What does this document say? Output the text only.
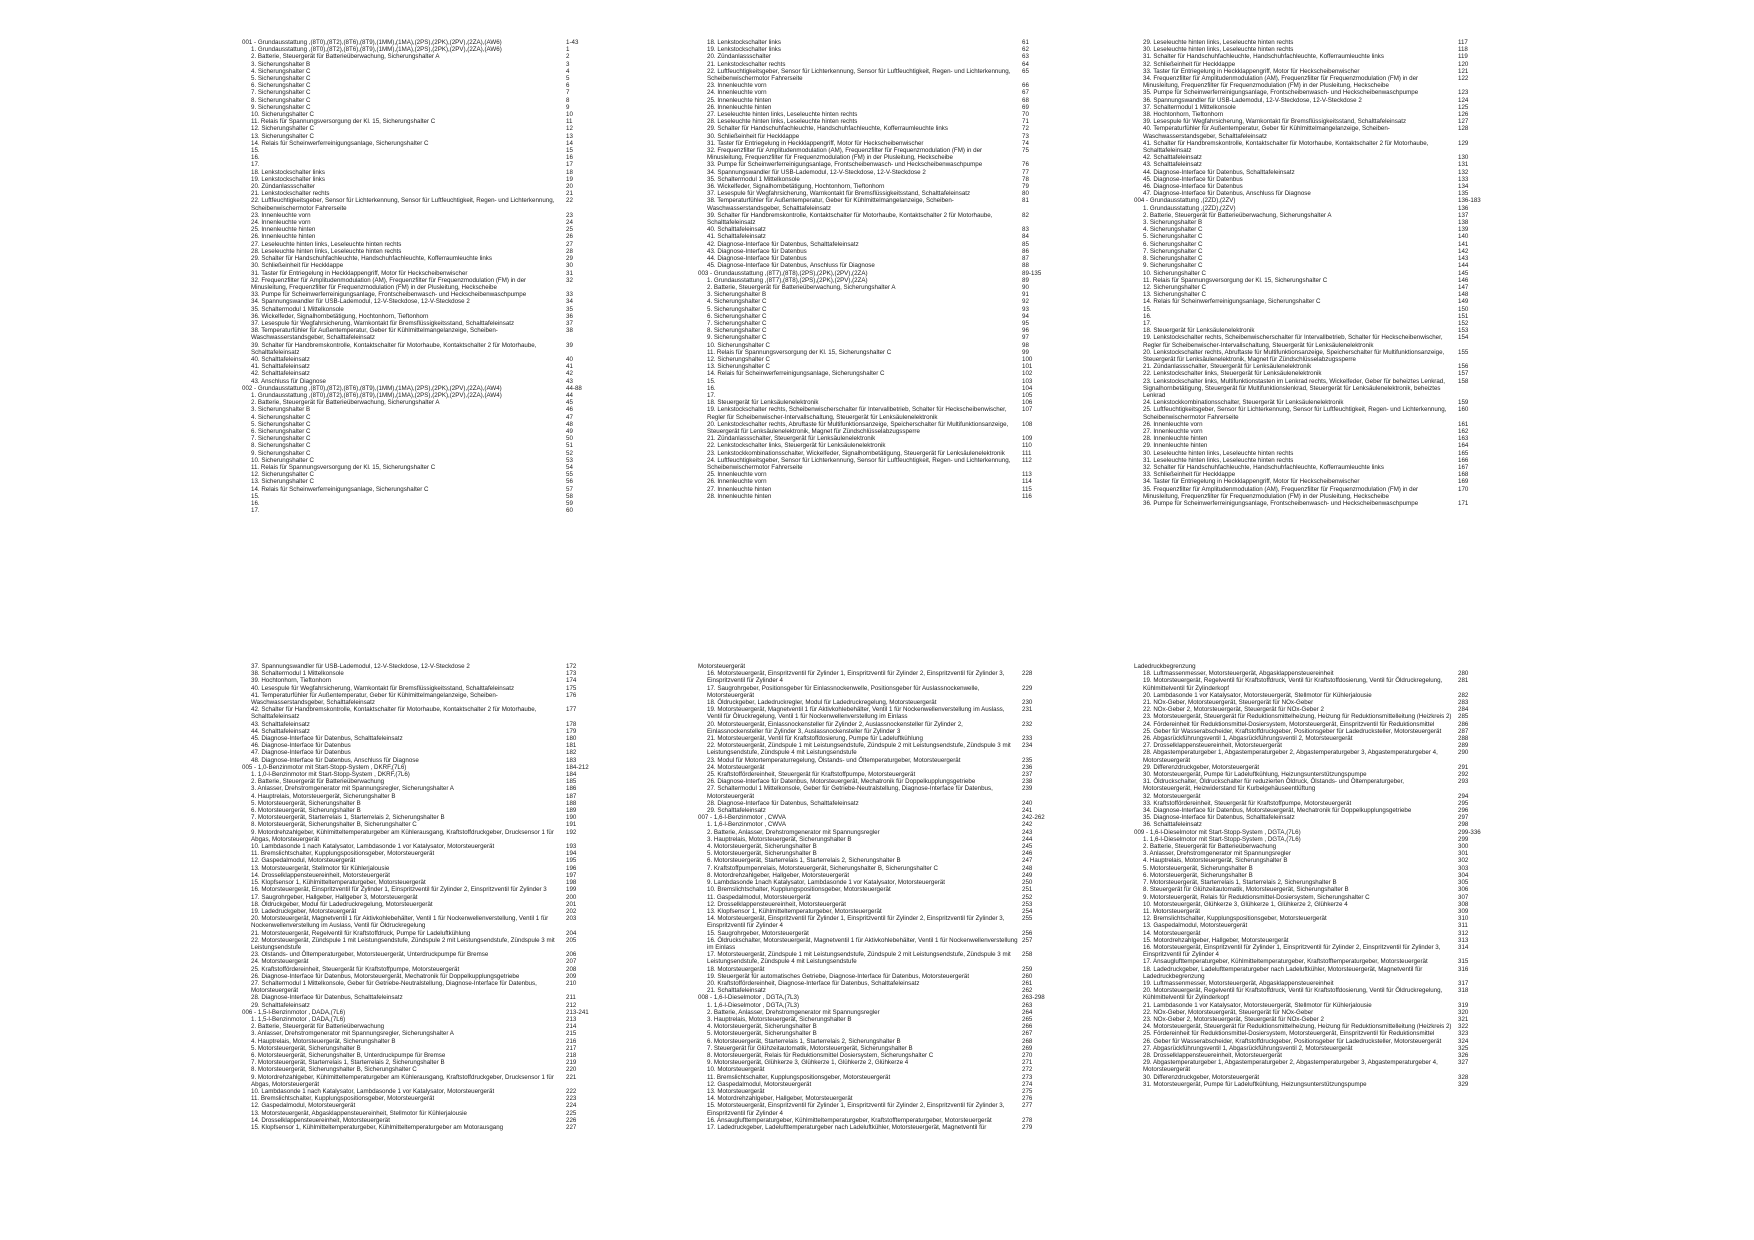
001 - Grundausstattung ,(8T0),(8T2),(8T6),(8T9),(1MM),(1MA),(2PS),(2PK),(2PV),(2ZA),(AW6)	1-43
1. Grundausstattung ,(8T0),(8T2),(8T6),(8T9),(1MM),(1MA),(2PS),(2PK),(2PV),(2ZA),(AW6)	1
2. Batterie, Steuergerät für Batterieüberwachung, Sicherungshalter A	2
3. Sicherungshalter B	3
4. Sicherungshalter C	4
5. Sicherungshalter C	5
6. Sicherungshalter C	6
7. Sicherungshalter C	7
8. Sicherungshalter C	8
9. Sicherungshalter C	9
10. Sicherungshalter C	10
11. Relais für Spannungsversorgung der Kl. 15, Sicherungshalter C	11
12. Sicherungshalter C	12
13. Sicherungshalter C	13
14. Relais für Scheinwerferreinigungsanlage, Sicherungshalter C	14
15.	15
16.	16
17.	17
18. Lenkstockschalter links	18
19. Lenkstockschalter links	19
20. Zündanlassschalter	20
21. Lenkstockschalter rechts	21
22. Luftfeuchtigkeitsgeber, Sensor für Lichterkennung, Sensor für Luftfeuchtigkeit, Regen- und Lichterkennung, Scheibenwischermotor Fahrerseite
22
23. Innenleuchte vorn	23
24. Innenleuchte vorn	24
25. Innenleuchte hinten	25
26. Innenleuchte hinten	26
27. Leseleuchte hinten links, Leseleuchte hinten rechts	27
28. Leseleuchte hinten links, Leseleuchte hinten rechts	28
29. Schalter für Handschuhfachleuchte, Handschuhfachleuchte, Kofferraumleuchte links	29
30. Schließeinheit für Heckklappe	30
31. Taster für Entriegelung in Heckklappengriff, Motor für Heckscheibenwischer	31
32. Frequenzfilter für Amplitudenmodulation (AM), Frequenzfilter für Frequenzmodulation (FM) in der Minusleitung, Frequenzfilter für Frequenzmodulation (FM) in der Plusleitung, Heckscheibe
32
33. Pumpe für Scheinwerferreinigungsanlage, Frontscheibenwasch- und Heckscheibenwaschpumpe	33
34. Spannungswandler für USB-Lademodul, 12-V-Steckdose, 12-V-Steckdose 2	34
35. Schaltermodul 1 Mittelkonsole	35
36. Wickelfeder, Signalhornbetätigung, Hochtonhorn, Tieftonhorn	36
37. Lesespule für Wegfahrsicherung, Warnkontakt für Bremsflüssigkeitsstand, Schalttafeleinsatz	37
38. Temperaturfühler für Außentemperatur, Geber für Kühlmittelmangelanzeige, Scheiben-Waschwasserstandsgeber, Schalttafeleinsatz
38
39. Schalter für Handbremskontrolle, Kontaktschalter für Motorhaube, Kontaktschalter 2 für Motorhaube, Schalttafeleinsatz
39
40. Schalttafeleinsatz	40
41. Schalttafeleinsatz	41
42. Schalttafeleinsatz	42
43. Anschluss für Diagnose	43
002 - Grundausstattung ,(8T0),(8T2),(8T6),(8T9),(1MM),(1MA),(2PS),(2PK),(2PV),(2ZA),(AW4)	44-88
1. Grundausstattung ,(8T0),(8T2),(8T6),(8T9),(1MM),(1MA),(2PS),(2PK),(2PV),(2ZA),(AW4)	44
2. Batterie, Steuergerät für Batterieüberwachung, Sicherungshalter A	45
3. Sicherungshalter B	46
4. Sicherungshalter C	47
5. Sicherungshalter C	48
6. Sicherungshalter C	49
7. Sicherungshalter C	50
8. Sicherungshalter C	51
9. Sicherungshalter C	52
10. Sicherungshalter C	53
11. Relais für Spannungsversorgung der Kl. 15, Sicherungshalter C	54
12. Sicherungshalter C	55
13. Sicherungshalter C	56
14. Relais für Scheinwerferreinigungsanlage, Sicherungshalter C	57
15.	58
16.	59
17.	60
18. Lenkstockschalter links	61
19. Lenkstockschalter links	62
20. Zündanlassschalter	63
21. Lenkstockschalter rechts	64
22. Luftfeuchtigkeitsgeber, Sensor für Lichterkennung, Sensor für Luftfeuchtigkeit, Regen- und Lichterkennung, Scheibenwischermotor Fahrerseite
65
23. Innenleuchte vorn	66
24. Innenleuchte vorn	67
25. Innenleuchte hinten	68
26. Innenleuchte hinten	69
27. Leseleuchte hinten links, Leseleuchte hinten rechts	70
28. Leseleuchte hinten links, Leseleuchte hinten rechts	71
29. Schalter für Handschuhfachleuchte, Handschuhfachleuchte, Kofferraumleuchte links	72
30. Schließeinheit für Heckklappe	73
31. Taster für Entriegelung in Heckklappengriff, Motor für Heckscheibenwischer	74
32. Frequenzfilter für Amplitudenmodulation (AM), Frequenzfilter für Frequenzmodulation (FM) in der Minusleitung, Frequenzfilter für Frequenzmodulation (FM) in der Plusleitung, Heckscheibe
75
33. Pumpe für Scheinwerferreinigungsanlage, Frontscheibenwasch- und Heckscheibenwaschpumpe	76
34. Spannungswandler für USB-Lademodul, 12-V-Steckdose, 12-V-Steckdose 2	77
35. Schaltermodul 1 Mittelkonsole	78
36. Wickelfeder, Signalhornbetätigung, Hochtonhorn, Tieftonhorn	79
37. Lesespule für Wegfahrsicherung, Warnkontakt für Bremsflüssigkeitsstand, Schalttafeleinsatz	80
38. Temperaturfühler für Außentemperatur, Geber für Kühlmittelmangelanzeige, Scheiben-Waschwasserstandsgeber, Schalttafeleinsatz
81
39. Schalter für Handbremskontrolle, Kontaktschalter für Motorhaube, Kontaktschalter 2 für Motorhaube, Schalttafeleinsatz
82
40. Schalttafeleinsatz	83
41. Schalttafeleinsatz	84
42. Diagnose-Interface für Datenbus, Schalttafeleinsatz	85
43. Diagnose-Interface für Datenbus	86
44. Diagnose-Interface für Datenbus	87
45. Diagnose-Interface für Datenbus, Anschluss für Diagnose	88
003 - Grundausstattung ,(8T7),(8T8),(2PS),(2PK),(2PV),(2ZA)	89-135
1. Grundausstattung ,(8T7),(8T8),(2PS),(2PK),(2PV),(2ZA)	89
2. Batterie, Steuergerät für Batterieüberwachung, Sicherungshalter A	90
3. Sicherungshalter B	91
4. Sicherungshalter C	92
5. Sicherungshalter C	93
6. Sicherungshalter C	94
7. Sicherungshalter C	95
8. Sicherungshalter C	96
9. Sicherungshalter C	97
10. Sicherungshalter C	98
11. Relais für Spannungsversorgung der Kl. 15, Sicherungshalter C	99
12. Sicherungshalter C	100
13. Sicherungshalter C	101
14. Relais für Scheinwerferreinigungsanlage, Sicherungshalter C	102
15.	103
16.	104
17.	105
18. Steuergerät für Lenksäulenelektronik	106
19. Lenkstockschalter rechts, Scheibenwischerschalter für Intervallbetrieb, Schalter für Heckscheibenwischer, Regler für Scheibenwischer-Intervallschaltung, Steuergerät für Lenksäulenelektronik
107
20. Lenkstockschalter rechts, Abruftaste für Multifunktionsanzeige, Speicherschalter für Multifunktionsanzeige, Steuergerät für Lenksäulenelektronik, Magnet für Zündschlüsselabzugssperre
108
21. Zündanlassschalter, Steuergerät für Lenksäulenelektronik	109
22. Lenkstockschalter links, Steuergerät für Lenksäulenelektronik	110
23. Lenkstockkombinationsschalter, Wickelfeder, Signalhornbetätigung, Steuergerät für Lenksäulenelektronik	111
24. Luftfeuchtigkeitsgeber, Sensor für Lichterkennung, Sensor für Luftfeuchtigkeit, Regen- und Lichterkennung, Scheibenwischermotor Fahrerseite
112
25. Innenleuchte vorn	113
26. Innenleuchte vorn	114
27. Innenleuchte hinten	115
28. Innenleuchte hinten	116
29. Leseleuchte hinten links, Leseleuchte hinten rechts	117
30. Leseleuchte hinten links, Leseleuchte hinten rechts	118
31. Schalter für Handschuhfachleuchte, Handschuhfachleuchte, Kofferraumleuchte links	119
32. Schließeinheit für Heckklappe	120
33. Taster für Entriegelung in Heckklappengriff, Motor für Heckscheibenwischer	121
34. Frequenzfilter für Amplitudenmodulation (AM), Frequenzfilter für Frequenzmodulation (FM) in der Minusleitung, Frequenzfilter für Frequenzmodulation (FM) in der Plusleitung, Heckscheibe
122
35. Pumpe für Scheinwerferreinigungsanlage, Frontscheibenwasch- und Heckscheibenwaschpumpe	123
36. Spannungswandler für USB-Lademodul, 12-V-Steckdose, 12-V-Steckdose 2	124
37. Schaltermodul 1 Mittelkonsole	125
38. Hochtonhorn, Tieftonhorn	126
39. Lesespule für Wegfahrsicherung, Warnkontakt für Bremsflüssigkeitsstand, Schalttafeleinsatz	127
40. Temperaturfühler für Außentemperatur, Geber für Kühlmittelmangelanzeige, Scheiben-Waschwasserstandsgeber, Schalttafeleinsatz
128
41. Schalter für Handbremskontrolle, Kontaktschalter für Motorhaube, Kontaktschalter 2 für Motorhaube, Schalttafeleinsatz
129
42. Schalttafeleinsatz	130
43. Schalttafeleinsatz	131
44. Diagnose-Interface für Datenbus, Schalttafeleinsatz	132
45. Diagnose-Interface für Datenbus	133
46. Diagnose-Interface für Datenbus	134
47. Diagnose-Interface für Datenbus, Anschluss für Diagnose	135
004 - Grundausstattung ,(2ZD),(2ZV)	136-183
1. Grundausstattung ,(2ZD),(2ZV)	136
2. Batterie, Steuergerät für Batterieüberwachung, Sicherungshalter A	137
3. Sicherungshalter B	138
4. Sicherungshalter C	139
5. Sicherungshalter C	140
6. Sicherungshalter C	141
7. Sicherungshalter C	142
8. Sicherungshalter C	143
9. Sicherungshalter C	144
10. Sicherungshalter C	145
11. Relais für Spannungsversorgung der Kl. 15, Sicherungshalter C	146
12. Sicherungshalter C	147
13. Sicherungshalter C	148
14. Relais für Scheinwerferreinigungsanlage, Sicherungshalter C	149
15.	150
16.	151
17.	152
18. Steuergerät für Lenksäulenelektronik	153
19. Lenkstockschalter rechts, Scheibenwischerschalter für Intervallbetrieb, Schalter für Heckscheibenwischer, Regler für Scheibenwischer-Intervallschaltung, Steuergerät für Lenksäulenelektronik
154
20. Lenkstockschalter rechts, Abruftaste für Multifunktionsanzeige, Speicherschalter für Multifunktionsanzeige, Steuergerät für Lenksäulenelektronik, Magnet für Zündschlüsselabzugssperre
155
21. Zündanlassschalter, Steuergerät für Lenksäulenelektronik	156
22. Lenkstockschalter links, Steuergerät für Lenksäulenelektronik	157
23. Lenkstockschalter links, Multifunktionstasten im Lenkrad rechts, Wickelfeder, Geber für beheiztes Lenkrad, Signalhornbetätigung, Steuergerät für Multifunktionslenkrad, Steuergerät für Lenksäulenelektronik, beheiztes Lenkrad
158
24. Lenkstockkombinationsschalter, Steuergerät für Lenksäulenelektronik	159
25. Luftfeuchtigkeitsgeber, Sensor für Lichterkennung, Sensor für Luftfeuchtigkeit, Regen- und Lichterkennung, Scheibenwischermotor Fahrerseite
160
26. Innenleuchte vorn	161
27. Innenleuchte vorn	162
28. Innenleuchte hinten	163
29. Innenleuchte hinten	164
30. Leseleuchte hinten links, Leseleuchte hinten rechts	165
31. Leseleuchte hinten links, Leseleuchte hinten rechts	166
32. Schalter für Handschuhfachleuchte, Handschuhfachleuchte, Kofferraumleuchte links	167
33. Schließeinheit für Heckklappe	168
34. Taster für Entriegelung in Heckklappengriff, Motor für Heckscheibenwischer	169
35. Frequenzfilter für Amplitudenmodulation (AM), Frequenzfilter für Frequenzmodulation (FM) in der Minusleitung, Frequenzfilter für Frequenzmodulation (FM) in der Plusleitung, Heckscheibe
170
36. Pumpe für Scheinwerferreinigungsanlage, Frontscheibenwasch- und Heckscheibenwaschpumpe	171
37. Spannungswandler für USB-Lademodul, 12-V-Steckdose, 12-V-Steckdose 2	172
38. Schaltermodul 1 Mittelkonsole	173
39. Hochtonhorn, Tieftonhorn	174
40. Lesespule für Wegfahrsicherung, Warnkontakt für Bremsflüssigkeitsstand, Schalttafeleinsatz	175
41. Temperaturfühler für Außentemperatur, Geber für Kühlmittelmangelanzeige, Scheiben-Waschwasserstandsgeber, Schalttafeleinsatz
176
42. Schalter für Handbremskontrolle, Kontaktschalter für Motorhaube, Kontaktschalter 2 für Motorhaube, Schalttafeleinsatz
177
43. Schalttafeleinsatz	178
44. Schalttafeleinsatz	179
45. Diagnose-Interface für Datenbus, Schalttafeleinsatz	180
46. Diagnose-Interface für Datenbus	181
47. Diagnose-Interface für Datenbus	182
48. Diagnose-Interface für Datenbus, Anschluss für Diagnose	183
005 - 1,0-Benzinmotor mit Start-Stopp-System , DKRF,(7L6)	184-212
1. 1,0-l-Benzinmotor mit Start-Stopp-System , DKRF,(7L6)	184
2. Batterie, Steuergerät für Batterieüberwachung	185
3. Anlasser, Drehstromgenerator mit Spannungsregler, Sicherungshalter A	186
4. Hauptrelais, Motorsteuergerät, Sicherungshalter B	187
5. Motorsteuergerät, Sicherungshalter B	188
6. Motorsteuergerät, Sicherungshalter B	189
7. Motorsteuergerät, Starterrelais 1, Starterrelais 2, Sicherungshalter B	190
8. Motorsteuergerät, Sicherungshalter B, Sicherungshalter C	191
9. Motordrehzahlgeber, Kühlmitteltemperaturgeber am Kühlerausgang, Kraftstoffdruckgeber, Drucksensor 1 für Abgas, Motorsteuergerät
192
10. Lambdasonde 1 nach Katalysator, Lambdasonde 1 vor Katalysator, Motorsteuergerät	193
11. Bremslichtschalter, Kupplungspositionsgeber, Motorsteuergerät	194
12. Gaspedalmodul, Motorsteuergerät	195
13. Motorsteuergerät, Stellmotor für Kühlerjalousie	196
14. Drosselklappensteuereinheit, Motorsteuergerät	197
15. Klopfsensor 1, Kühlmitteltemperaturgeber, Motorsteuergerät	198
16. Motorsteuergerät, Einspritzventil für Zylinder 1, Einspritzventil für Zylinder 2, Einspritzventil für Zylinder 3	199
17. Saugrohrgeber, Hallgeber, Hallgeber 3, Motorsteuergerät	200
18. Öldruckgeber, Modul für Ladedruckregelung, Motorsteuergerät	201
19. Ladedruckgeber, Motorsteuergerät	202
20. Motorsteuergerät, Magnetventil 1 für Aktivkohlebehälter, Ventil 1 für Nockenwellenverstellung, Ventil 1 für Nockenwellenverstellung im Auslass, Ventil für Öldruckregelung
203
21. Motorsteuergerät, Regelventil für Kraftstoffdruck, Pumpe für Ladeluftkühlung	204
22. Motorsteuergerät, Zündspule 1 mit Leistungsendstufe, Zündspule 2 mit Leistungsendstufe, Zündspule 3 mit Leistungsendstufe
205
23. Olstands- und Öltemperaturgeber, Motorsteuergerät, Unterdruckpumpe für Bremse	206
24. Motorsteuergerät	207
25. Kraftstoffördereinheit, Steuergerät für Kraftstoffpumpe, Motorsteuergerät	208
26. Diagnose-Interface für Datenbus, Motorsteuergerät, Mechatronik für Doppelkupplungsgetriebe	209
27. Schaltermodul 1 Mittelkonsole, Geber für Getriebe-Neutralstellung, Diagnose-Interface für Datenbus, Motorsteuergerät
210
28. Diagnose-Interface für Datenbus, Schalttafeleinsatz	211
29. Schalttafeleinsatz	212
006 - 1,5-l-Benzinmotor , DADA,(7L6)	213-241
1. 1,5-l-Benzinmotor , DADA,(7L6)	213
2. Batterie, Steuergerät für Batterieüberwachung	214
3. Anlasser, Drehstromgenerator mit Spannungsregler, Sicherungshalter A	215
4. Hauptrelais, Motorsteuergerät, Sicherungshalter B	216
5. Motorsteuergerät, Sicherungshalter B	217
6. Motorsteuergerät, Sicherungshalter B, Unterdruckpumpe für Bremse	218
7. Motorsteuergerät, Starterrelais 1, Starterrelais 2, Sicherungshalter B	219
8. Motorsteuergerät, Sicherungshalter B, Sicherungshalter C	220
9. Motordrehzahlgeber, Kühlmitteltemperaturgeber am Kühlerausgang, Kraftstoffdruckgeber, Drucksensor 1 für Abgas, Motorsteuergerät
221
10. Lambdasonde 1 nach Katalysator, Lambdasonde 1 vor Katalysator, Motorsteuergerät	222
11. Bremslichtschalter, Kupplungspositionsgeber, Motorsteuergerät	223
12. Gaspedalmodul, Motorsteuergerät	224
13. Motorsteuergerät, Abgasklappensteuereinheit, Stellmotor für Kühlerjalousie	225
14. Drosselklappensteuereinheit, Motorsteuergerät	226
15. Klopfsensor 1, Kühlmitteltemperaturgeber, Kühlmitteltemperaturgeber am Motorausgang	227
Motorsteuergerät
16. Motorsteuergerät, Einspritzventil für Zylinder 1, Einspritzventil für Zylinder 2, Einspritzventil für Zylinder 3, Einspritzventil für Zylinder 4
228
17. Saugrohrgeber, Positionsgeber für Einlassnockenwelle, Positionsgeber für Auslassnockenwelle, Motorsteuergerät
229
18. Öldruckgeber, Ladedruckregler, Modul für Ladedruckregelung, Motorsteuergerät	230
19. Motorsteuergerät, Magnetventil 1 für Aktivkohlebehälter, Ventil 1 für Nockenwellenverstellung im Auslass, Ventil für Ölruckregelung, Ventil 1 für Nockenwellenverstellung im Einlass
231
20. Motorsteuergerät, Einlassnockensteller für Zylinder 2, Auslassnockensteller für Zylinder 2, Einlassnockensteller für Zylinder 3, Auslassnockensteller für Zylinder 3
232
21. Motorsteuergerät, Ventil für Kraftstoffdosierung, Pumpe für Ladeluftkühlung	233
22. Motorsteuergerät, Zündspule 1 mit Leistungsendstufe, Zündspule 2 mit Leistungsendstufe, Zündspule 3 mit Leistungsendstufe, Zündspule 4 mit Leistungsendstufe
234
23. Modul für Motortemperaturregelung, Ölstands- und Öltemperaturgeber, Motorsteuergerät	235
24. Motorsteuergerät	236
25. Kraftstoffördereinheit, Steuergerät für Kraftstoffpumpe, Motorsteuergerät	237
26. Diagnose-Interface für Datenbus, Motorsteuergerät, Mechatronik für Doppelkupplungsgetriebe	238
27. Schaltermodul 1 Mittelkonsole, Geber für Getriebe-Neutralstellung, Diagnose-Interface für Datenbus, Motorsteuergerät
239
28. Diagnose-Interface für Datenbus, Schalttafeleinsatz	240
29. Schalttafeleinsatz	241
007 - 1,6-l-Benzinmotor , CWVA	242-262
1. 1,6-l-Benzinmotor , CWVA	242
2. Batterie, Anlasser, Drehstromgenerator mit Spannungsregler	243
3. Hauptrelais, Motorsteuergerät, Sicherungshalter B	244
4. Motorsteuergerät, Sicherungshalter B	245
5. Motorsteuergerät, Sicherungshalter B	246
6. Motorsteuergerät, Starterrelais 1, Starterrelais 2, Sicherungshalter B	247
7. Kraftstoffpumpenrelais, Motorsteuergerät, Sicherungshalter B, Sicherungshalter C	248
8. Motordrehzahlgeber, Hallgeber, Motorsteuergerät	249
9. Lambdasonde 1nach Katalysator, Lambdasonde 1 vor Katalysator, Motorsteuergerät	250
10. Bremslichtschalter, Kupplungspositionsgeber, Motorsteuergerät	251
11. Gaspedalmodul, Motorsteuergerät	252
12. Drosselklappensteuereinheit, Motorsteuergerät	253
13. Klopfsensor 1, Kühlmitteltemperaturgeber, Motorsteuergerät	254
14. Motorsteuergerät, Einspritzventil für Zylinder 1, Einspritzventil für Zylinder 2, Einspritzventil für Zylinder 3, Einspritzventil für Zylinder 4
255
15. Saugrohrgeber, Motorsteuergerät	256
16. Öldruckschalter, Motorsteuergerät, Magnetventil 1 für Aktivkohlebehälter, Ventil 1 für Nockenwellenverstellung im Einlass
257
17. Motorsteuergerät, Zündspule 1 mit Leistungsendstufe, Zündspule 2 mit Leistungsendstufe, Zündspule 3 mit Leistungsendstufe, Zündspule 4 mit Leistungsendstufe
258
18. Motorsteuergerät	259
19. Steuergerät für automatisches Getriebe, Diagnose-Interface für Datenbus, Motorsteuergerät	260
20. Kraftstoffördereinheit, Diagnose-Interface für Datenbus, Schalttafeleinsatz	261
21. Schalttafeleinsatz	262
008 - 1,6-l-Dieselmotor , DGTA,(7L3)	263-298
1. 1,6-l-Dieselmotor , DGTA,(7L3)	263
2. Batterie, Anlasser, Drehstromgenerator mit Spannungsregler	264
3. Hauptrelais, Motorsteuergerät, Sicherungshalter B	265
4. Motorsteuergerät, Sicherungshalter B	266
5. Motorsteuergerät, Sicherungshalter B	267
6. Motorsteuergerät, Starterrelais 1, Starterrelais 2, Sicherungshalter B	268
7. Steuergerät für Glühzeitautomatik, Motorsteuergerät, Sicherungshalter B	269
8. Motorsteuergerät, Relais für Reduktionsmittel Dosiersystem, Sicherungshalter C	270
9. Motorsteuergerät, Glühkerze 3, Glühkerze 1, Glühkerze 2, Glühkerze 4	271
10. Motorsteuergerät	272
11. Bremslichtschalter, Kupplungspositionsgeber, Motorsteuergerät	273
12. Gaspedalmodul, Motorsteuergerät	274
13. Motorsteuergerät	275
14. Motordrehzahlgeber, Hallgeber, Motorsteuergerät	276
15. Motorsteuergerät, Einspritzventil für Zylinder 1, Einspritzventil für Zylinder 2, Einspritzventil für Zylinder 3, Einspritzventil für Zylinder 4
277
16. Ansauglufttemperaturgeber, Kühlmitteltemperaturgeber, Kraftstofftemperaturgeber, Motorsteuergerät	278
17. Ladedruckgeber, Ladelufttemperaturgeber nach Ladeluftkühler, Motorsteuergerät, Magnetventil für	279
Ladedruckbegrenzung
18. Luftmassenmesser, Motorsteuergerät, Abgasklappensteuereinheit	280
19. Motorsteuergerät, Regelventil für Kraftstoffdruck, Ventil für Kraftstoffdosierung, Ventil für Öldruckregelung, Kühlmittelventil für Zylinderkopf
281
20. Lambdasonde 1 vor Katalysator, Motorsteuergerät, Stellmotor für Kühlerjalousie	282
21. NOx-Geber, Motorsteuergerät, Steuergerät für NOx-Geber	283
22. NOx-Geber 2, Motorsteuergerät, Steuergerät für NOx-Geber 2	284
23. Motorsteuergerät, Steuergerät für Reduktionsmittelheizung, Heizung für Reduktionsmittelleitung (Heizkreis 2)	285
24. Fördereinheit für Reduktionsmittel-Dosiersystem, Motorsteuergerät, Einspritzventil für Reduktionsmittel	286
25. Geber für Wasserabscheider, Kraftstoffdruckgeber, Positionsgeber für Ladedrucksteller, Motorsteuergerät	287
26. Abgasrückführungsventil 1, Abgasrückführungsventil 2, Motorsteuergerät	288
27. Drosselklappensteuereinheit, Motorsteuergerät	289
28. Abgastemperaturgeber 1, Abgastemperaturgeber 2, Abgastemperaturgeber 3, Abgastemperaturgeber 4, Motorsteuergerät
290
29. Differenzdruckgeber, Motorsteuergerät	291
30. Motorsteuergerät, Pumpe für Ladeluftkühlung, Heizungsunterstützungspumpe	292
31. Öldruckschalter, Öldruckschalter für reduzierten Öldruck, Ölstands- und Öltemperaturgeber, Motorsteuergerät, Heizwiderstand für Kurbelgehäuseentlüftung
293
32. Motorsteuergerät	294
33. Kraftstoffördereinheit, Steuergerät für Kraftstoffpumpe, Motorsteuergerät	295
34. Diagnose-Interface für Datenbus, Motorsteuergerät, Mechatronik für Doppelkupplungsgetriebe	296
35. Diagnose-Interface für Datenbus, Schalttafeleinsatz	297
36. Schalttafeleinsatz	298
009 - 1,6-l-Dieselmotor mit Start-Stopp-System , DGTA,(7L6)	299-336
1. 1,6-l-Dieselmotor mit Start-Stopp-System , DGTA,(7L6)	299
2. Batterie, Steuergerät für Batterieüberwachung	300
3. Anlasser, Drehstromgenerator mit Spannungsregler	301
4. Hauptrelais, Motorsteuergerät, Sicherungshalter B	302
5. Motorsteuergerät, Sicherungshalter B	303
6. Motorsteuergerät, Sicherungshalter B	304
7. Motorsteuergerät, Starterrelais 1, Starterrelais 2, Sicherungshalter B	305
8. Steuergerät für Glühzeitautomatik, Motorsteuergerät, Sicherungshalter B	306
9. Motorsteuergerät, Relais für Reduktionsmittel-Dosiersystem, Sicherungshalter C	307
10. Motorsteuergerät, Glühkerze 3, Glühkerze 1, Glühkerze 2, Glühkerze 4	308
11. Motorsteuergerät	309
12. Bremslichtschalter, Kupplungspositionsgeber, Motorsteuergerät	310
13. Gaspedalmodul, Motorsteuergerät	311
14. Motorsteuergerät	312
15. Motordrehzahlgeber, Hallgeber, Motorsteuergerät	313
16. Motorsteuergerät, Einspritzventil für Zylinder 1, Einspritzventil für Zylinder 2, Einspritzventil für Zylinder 3, Einspritzventil für Zylinder 4
314
17. Ansauglufttemperaturgeber, Kühlmitteltemperaturgeber, Kraftstofftemperaturgeber, Motorsteuergerät	315
18. Ladedruckgeber, Ladelufttemperaturgeber nach Ladeluftkühler, Motorsteuergerät, Magnetventil für Ladedruckbegrenzung
316
19. Luftmassenmesser, Motorsteuergerät, Abgasklappensteuereinheit	317
20. Motorsteuergerät, Regelventil für Kraftstoffdruck, Ventil für Kraftstoffdosierung, Ventil für Öldruckregelung, Kühlmittelventil für Zylinderkopf
318
21. Lambdasonde 1 vor Katalysator, Motorsteuergerät, Stellmotor für Kühlerjalousie	319
22. NOx-Geber, Motorsteuergerät, Steuergerät für NOx-Geber	320
23. NOx-Geber 2, Motorsteuergerät, Steuergerät für NOx-Geber 2	321
24. Motorsteuergerät, Steuergerät für Reduktionsmittelheizung, Heizung für Reduktionsmittelleitung (Heizkreis 2)	322
25. Fördereinheit für Reduktionsmittel-Dosiersystem, Motorsteuergerät, Einspritzventil für Reduktionsmittel	323
26. Geber für Wasserabscheider, Kraftstoffdruckgeber, Positionsgeber für Ladedrucksteller, Motorsteuergerät	324
27. Abgasrückführungsventil 1, Abgasrückführungsventil 2, Motorsteuergerät	325
28. Drosselklappensteuereinheit, Motorsteuergerät	326
29. Abgastemperaturgeber 1, Abgastemperaturgeber 2, Abgastemperaturgeber 3, Abgastemperaturgeber 4, Motorsteuergerät
327
30. Differenzdruckgeber, Motorsteuergerät	328
31. Motorsteuergerät, Pumpe für Ladeluftkühlung, Heizungsunterstützungspumpe	329
